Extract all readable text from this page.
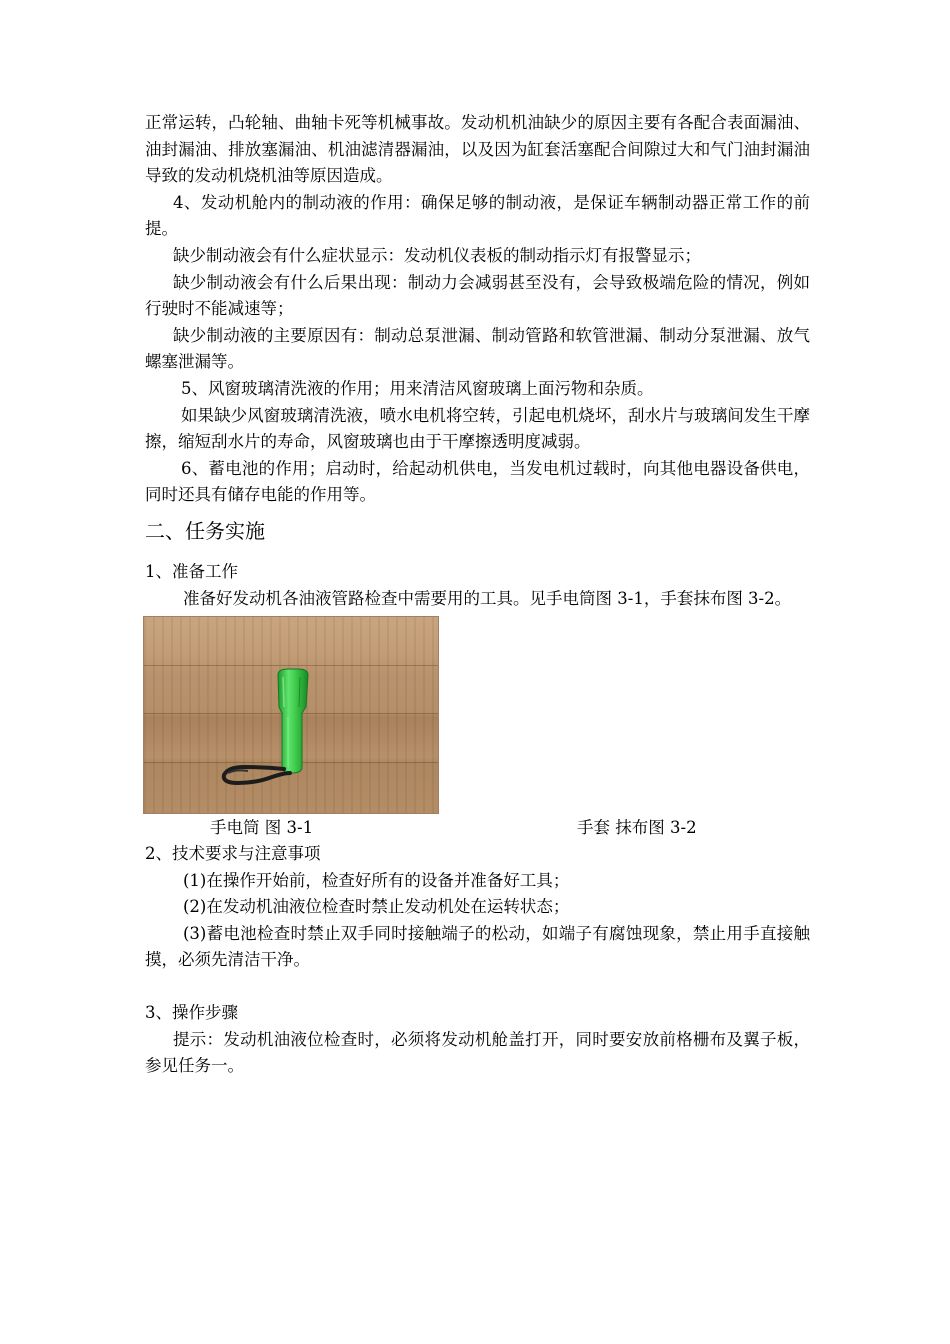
正常运转，凸轮轴、曲轴卡死等机械事故。发动机机油缺少的原因主要有各配合表面漏油、油封漏油、排放塞漏油、机油滤清器漏油，以及因为缸套活塞配合间隙过大和气门油封漏油导致的发动机烧机油等原因造成。

4、发动机舱内的制动液的作用：确保足够的制动液，是保证车辆制动器正常工作的前提。

缺少制动液会有什么症状显示：发动机仪表板的制动指示灯有报警显示；

缺少制动液会有什么后果出现：制动力会减弱甚至没有，会导致极端危险的情况，例如行驶时不能减速等；

缺少制动液的主要原因有：制动总泵泄漏、制动管路和软管泄漏、制动分泵泄漏、放气螺塞泄漏等。

5、风窗玻璃清洗液的作用；用来清洁风窗玻璃上面污物和杂质。

如果缺少风窗玻璃清洗液，喷水电机将空转，引起电机烧坏，刮水片与玻璃间发生干摩擦，缩短刮水片的寿命，风窗玻璃也由于干摩擦透明度减弱。

6、蓄电池的作用；启动时，给起动机供电，当发电机过载时，向其他电器设备供电，同时还具有储存电能的作用等。

二、任务实施

1、准备工作

准备好发动机各油液管路检查中需要用的工具。见手电筒图 3-1，手套抹布图 3-2。

手电筒 图 3-1	手套 抹布图 3-2

2、技术要求与注意事项

(1)在操作开始前，检查好所有的设备并准备好工具；

(2)在发动机油液位检查时禁止发动机处在运转状态；

(3)蓄电池检查时禁止双手同时接触端子的松动，如端子有腐蚀现象，禁止用手直接触摸，必须先清洁干净。

3、操作步骤

提示：发动机油液位检查时，必须将发动机舱盖打开，同时要安放前格栅布及翼子板，参见任务一。
